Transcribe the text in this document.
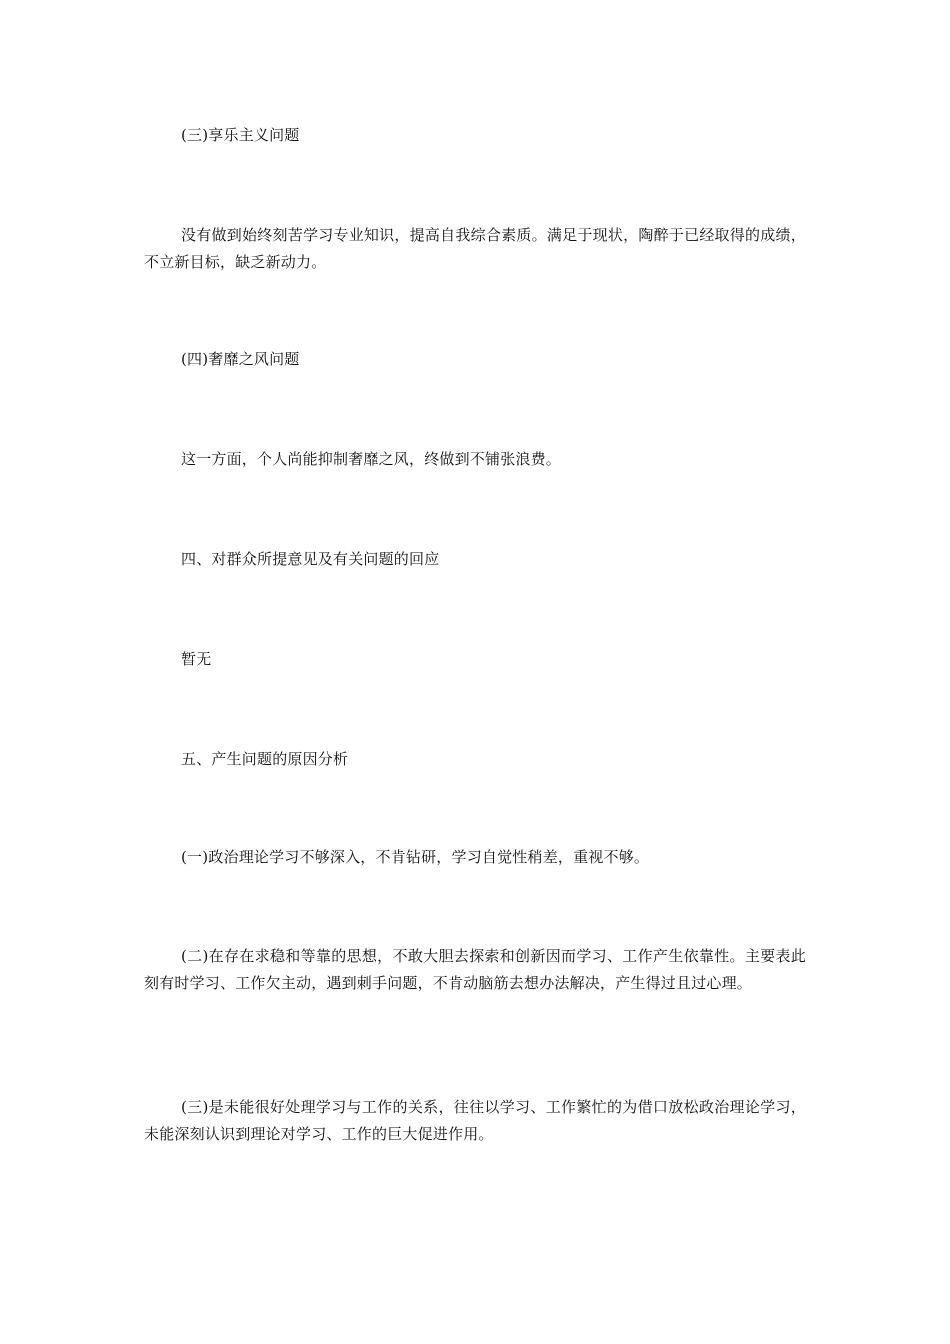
(三)享乐主义问题

没有做到始终刻苦学习专业知识，提高自我综合素质。满足于现状，陶醉于已经取得的成绩，不立新目标，缺乏新动力。

(四)奢靡之风问题

这一方面，个人尚能抑制奢靡之风，终做到不铺张浪费。

四、对群众所提意见及有关问题的回应

暂无

五、产生问题的原因分析

(一)政治理论学习不够深入，不肯钻研，学习自觉性稍差，重视不够。

(二)在存在求稳和等靠的思想，不敢大胆去探索和创新因而学习、工作产生依靠性。主要表此刻有时学习、工作欠主动，遇到刺手问题，不肯动脑筋去想办法解决，产生得过且过心理。

(三)是未能很好处理学习与工作的关系，往往以学习、工作繁忙的为借口放松政治理论学习，未能深刻认识到理论对学习、工作的巨大促进作用。
